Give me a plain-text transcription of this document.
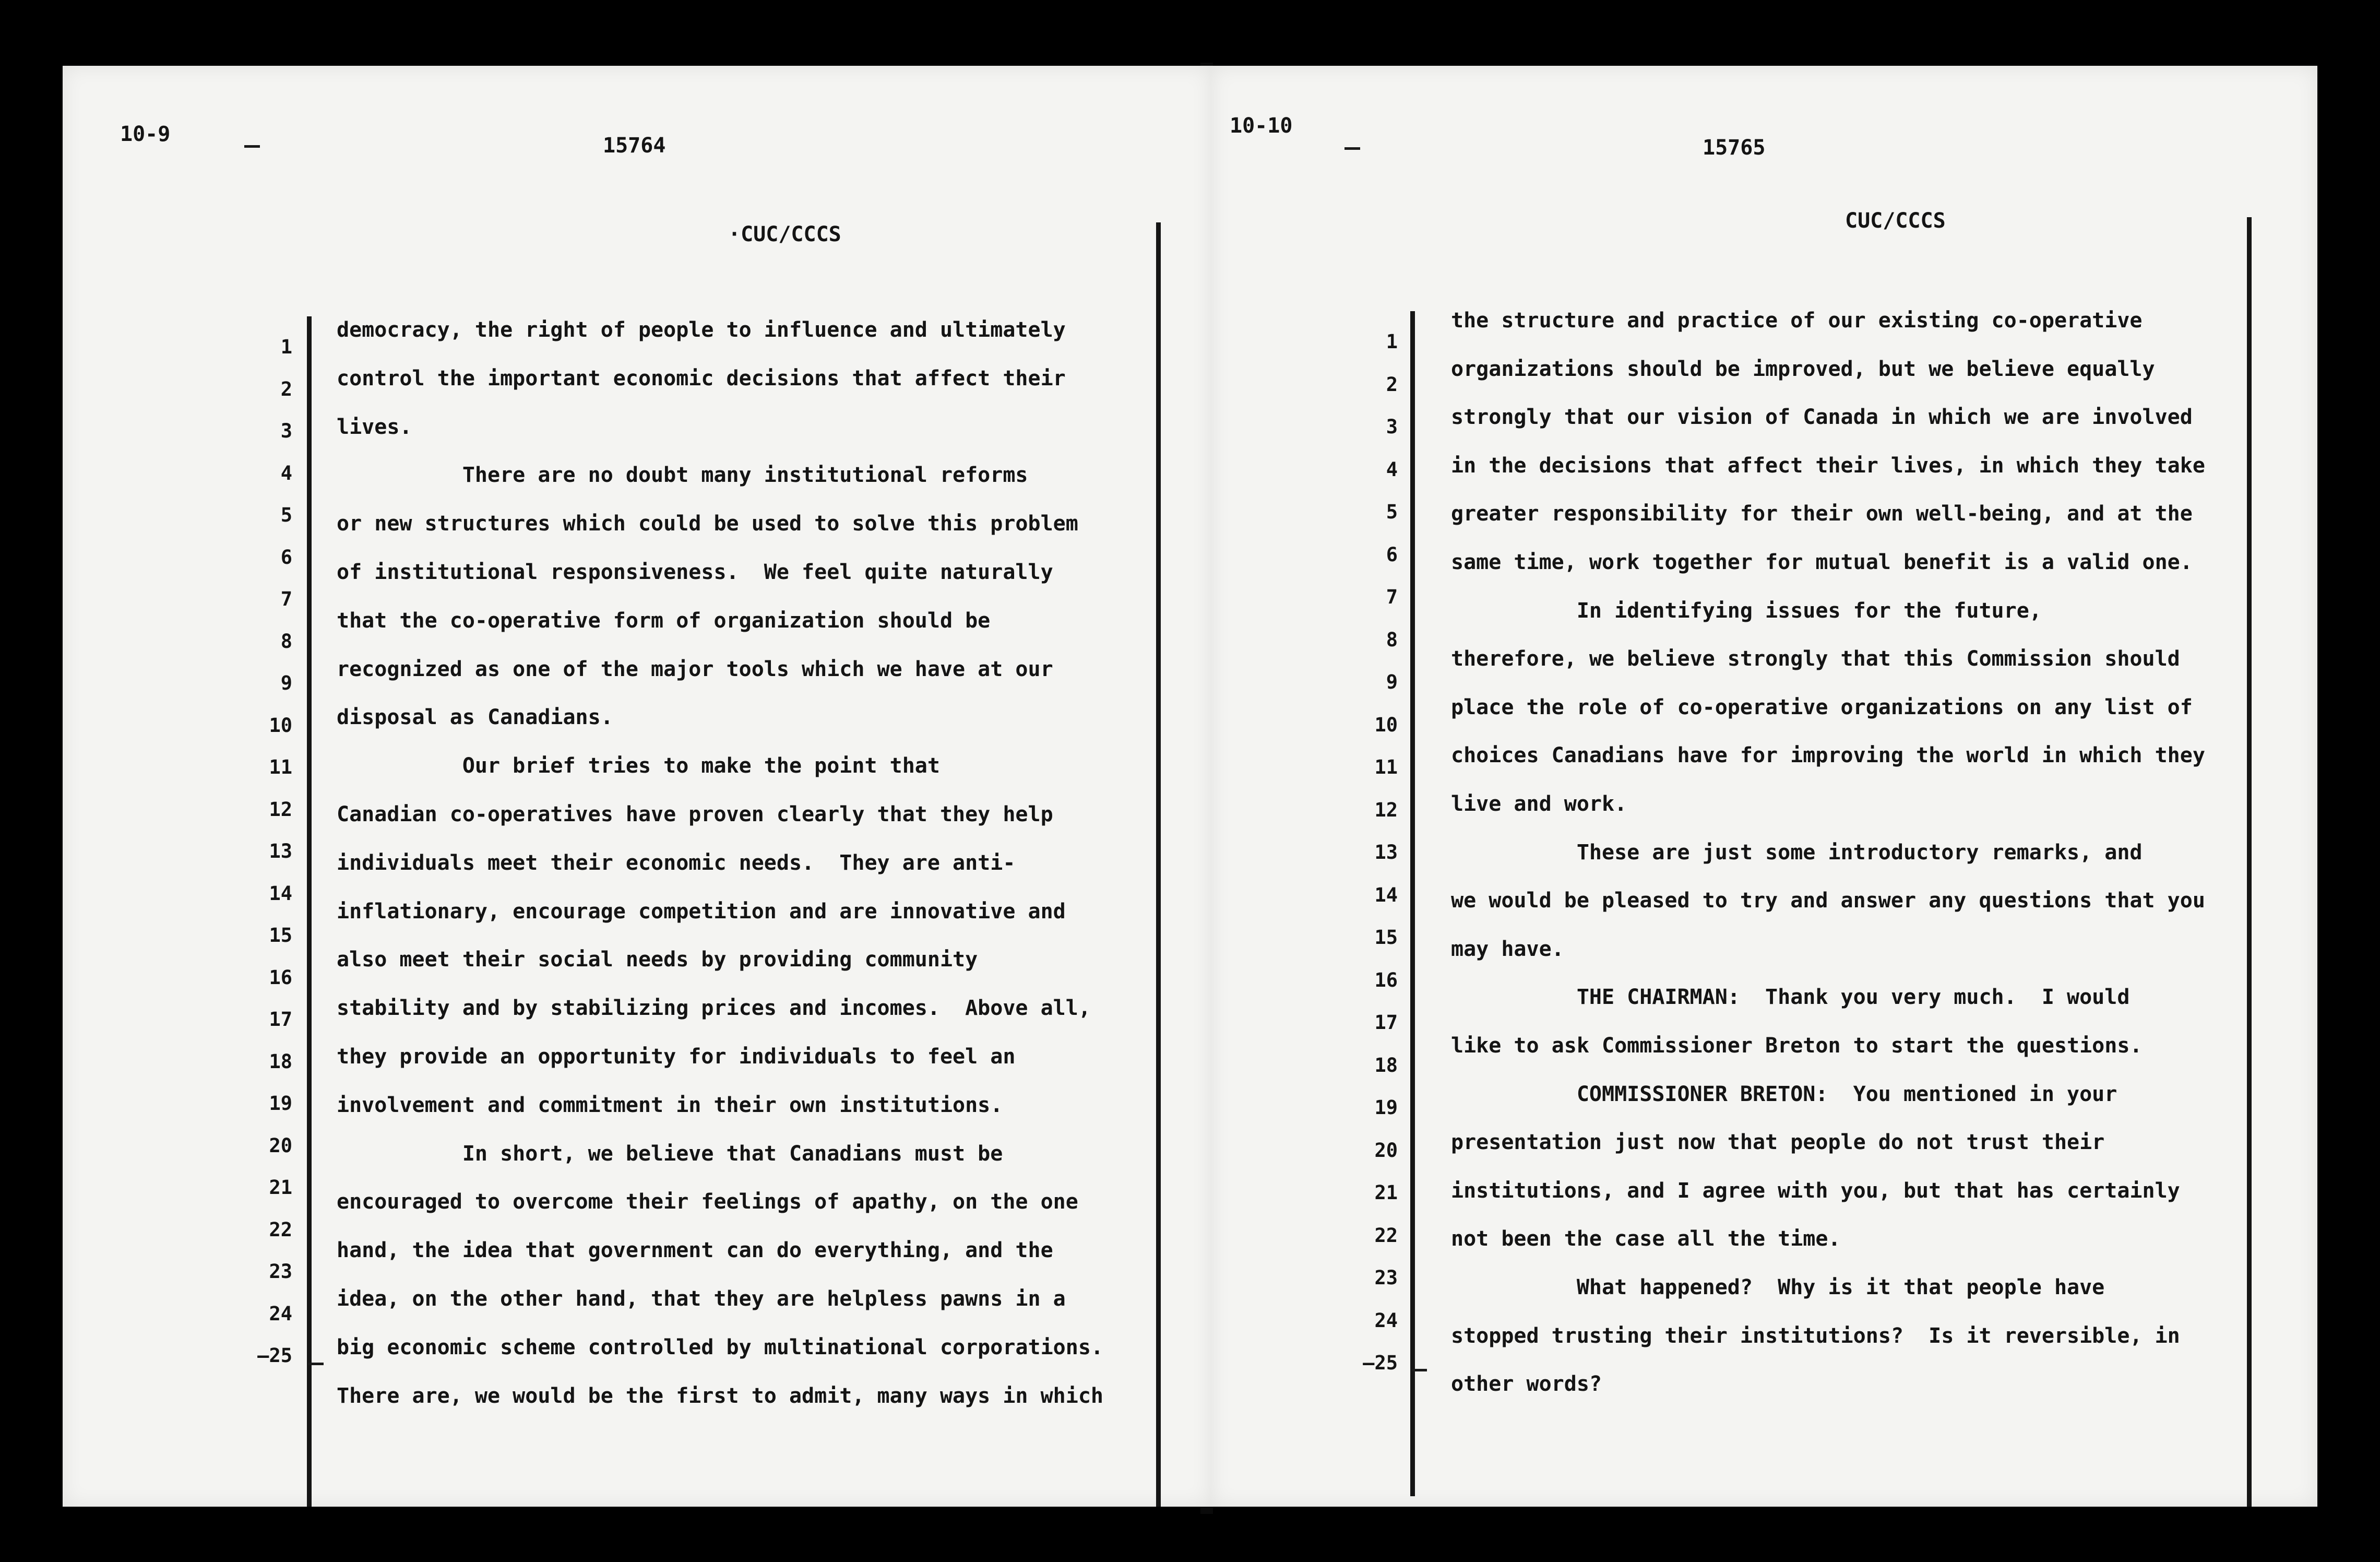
10-9	15764
·CUC/CCCS
1
2
3
4
5
6
7
8
9
10
11
12
13
14
15
16
17
18
19
20
21
22
23
24
—25
democracy, the right of people to influence and ultimately
control the important economic decisions that affect their
lives.
There are no doubt many institutional reforms
or new structures which could be used to solve this problem
of institutional responsiveness.  We feel quite naturally
that the co-operative form of organization should be
recognized as one of the major tools which we have at our
disposal as Canadians.
Our brief tries to make the point that
Canadian co-operatives have proven clearly that they help
individuals meet their economic needs.  They are anti-
inflationary, encourage competition and are innovative and
also meet their social needs by providing community
stability and by stabilizing prices and incomes.  Above all,
they provide an opportunity for individuals to feel an
involvement and commitment in their own institutions.
In short, we believe that Canadians must be
encouraged to overcome their feelings of apathy, on the one
hand, the idea that government can do everything, and the
idea, on the other hand, that they are helpless pawns in a
big economic scheme controlled by multinational corporations.
There are, we would be the first to admit, many ways in which
10-10
15765
CUC/CCCS
1
2
3
4
5
6
7
8
9
10
11
12
13
14
15
16
17
18
19
20
21
22
23
24
—25
the structure and practice of our existing co-operative
organizations should be improved, but we believe equally
strongly that our vision of Canada in which we are involved
in the decisions that affect their lives, in which they take
greater responsibility for their own well-being, and at the
same time, work together for mutual benefit is a valid one.
In identifying issues for the future,
therefore, we believe strongly that this Commission should
place the role of co-operative organizations on any list of
choices Canadians have for improving the world in which they
live and work.
These are just some introductory remarks, and
we would be pleased to try and answer any questions that you
may have.
THE CHAIRMAN:  Thank you very much.  I would
like to ask Commissioner Breton to start the questions.
COMMISSIONER BRETON:  You mentioned in your
presentation just now that people do not trust their
institutions, and I agree with you, but that has certainly
not been the case all the time.
What happened?  Why is it that people have
stopped trusting their institutions?  Is it reversible, in
other words?
